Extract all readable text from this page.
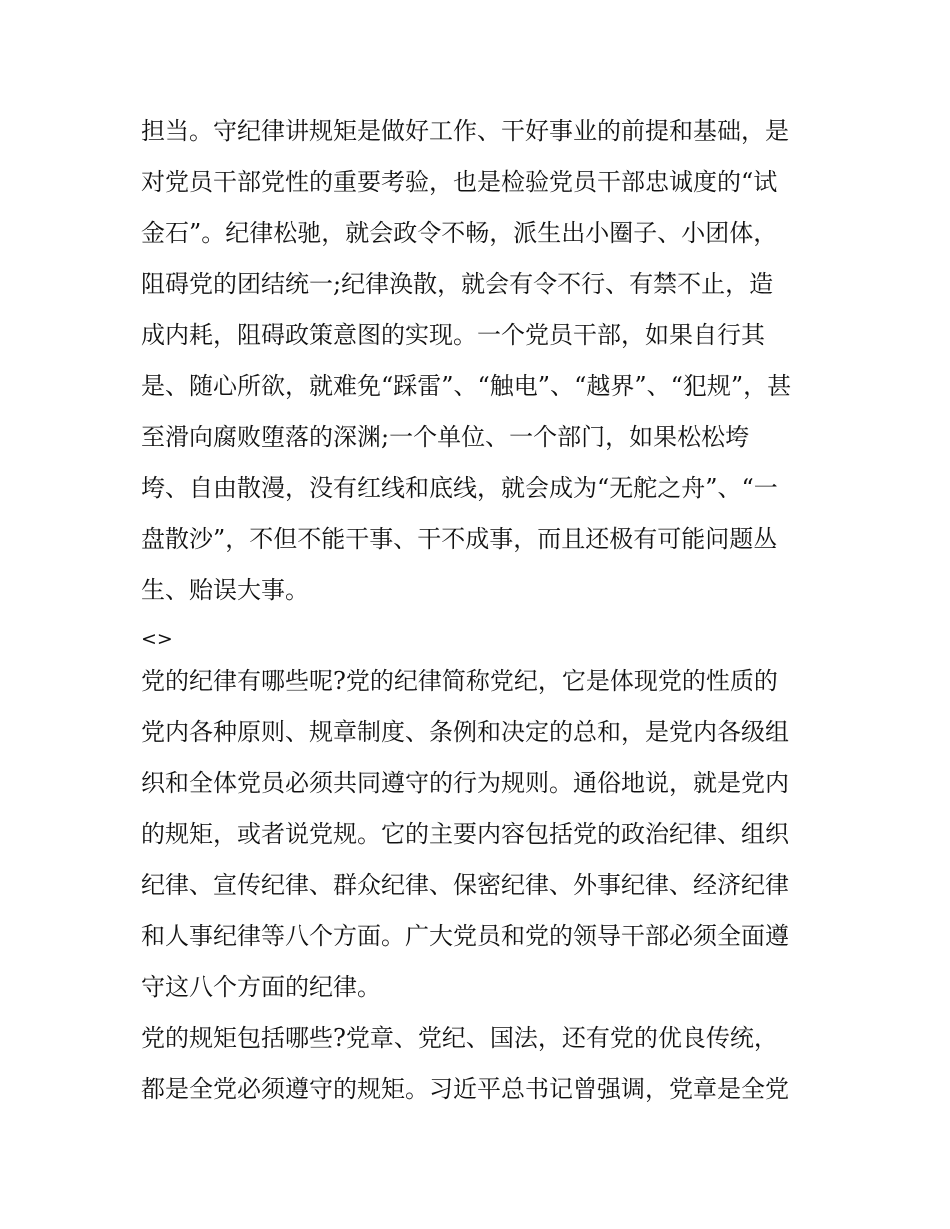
担当。守纪律讲规矩是做好工作、干好事业的前提和基础，是
对党员干部党性的重要考验，也是检验党员干部忠诚度的“试
金石”。纪律松驰，就会政令不畅，派生出小圈子、小团体，
阻碍党的团结统一;纪律涣散，就会有令不行、有禁不止，造
成内耗，阻碍政策意图的实现。一个党员干部，如果自行其
是、随心所欲，就难免“踩雷”、“触电”、“越界”、“犯规”，甚
至滑向腐败堕落的深渊;一个单位、一个部门，如果松松垮
垮、自由散漫，没有红线和底线，就会成为“无舵之舟”、“一
盘散沙”，不但不能干事、干不成事，而且还极有可能问题丛
生、贻误大事。
<>
党的纪律有哪些呢?党的纪律简称党纪，它是体现党的性质的
党内各种原则、规章制度、条例和决定的总和，是党内各级组
织和全体党员必须共同遵守的行为规则。通俗地说，就是党内
的规矩，或者说党规。它的主要内容包括党的政治纪律、组织
纪律、宣传纪律、群众纪律、保密纪律、外事纪律、经济纪律
和人事纪律等八个方面。广大党员和党的领导干部必须全面遵
守这八个方面的纪律。
党的规矩包括哪些?党章、党纪、国法，还有党的优良传统，
都是全党必须遵守的规矩。习近平总书记曾强调，党章是全党
